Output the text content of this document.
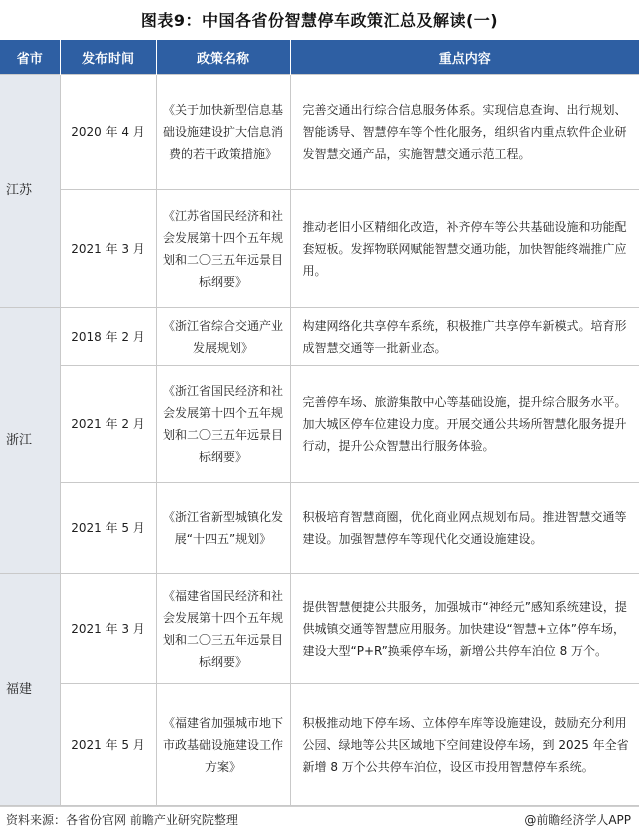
图表9：中国各省份智慧停车政策汇总及解读(一)
省市	发布时间	政策名称	重点内容
江苏	2020 年 4 月	《关于加快新型信息基础设施建设扩大信息消费的若干政策措施》	完善交通出行综合信息服务体系。实现信息查询、出行规划、智能诱导、智慧停车等个性化服务，组织省内重点软件企业研发智慧交通产品，实施智慧交通示范工程。
	2021 年 3 月	《江苏省国民经济和社会发展第十四个五年规划和二〇三五年远景目标纲要》	推动老旧小区精细化改造，补齐停车等公共基础设施和功能配套短板。发挥物联网赋能智慧交通功能，加快智能终端推广应用。
浙江	2018 年 2 月	《浙江省综合交通产业发展规划》	构建网络化共享停车系统，积极推广共享停车新模式。培育形成智慧交通等一批新业态。
	2021 年 2 月	《浙江省国民经济和社会发展第十四个五年规划和二〇三五年远景目标纲要》	完善停车场、旅游集散中心等基础设施，提升综合服务水平。加大城区停车位建设力度。开展交通公共场所智慧化服务提升行动，提升公众智慧出行服务体验。
	2021 年 5 月	《浙江省新型城镇化发展“十四五”规划》	积极培育智慧商圈，优化商业网点规划布局。推进智慧交通等建设。加强智慧停车等现代化交通设施建设。
福建	2021 年 3 月	《福建省国民经济和社会发展第十四个五年规划和二〇三五年远景目标纲要》	提供智慧便捷公共服务，加强城市“神经元”感知系统建设，提供城镇交通等智慧应用服务。加快建设“智慧+立体”停车场，建设大型“P+R”换乘停车场，新增公共停车泊位 8 万个。
	2021 年 5 月	《福建省加强城市地下市政基础设施建设工作方案》	积极推动地下停车场、立体停车库等设施建设，鼓励充分利用公园、绿地等公共区域地下空间建设停车场，到 2025 年全省新增 8 万个公共停车泊位，设区市投用智慧停车系统。
资料来源：各省份官网 前瞻产业研究院整理	@前瞻经济学人APP
